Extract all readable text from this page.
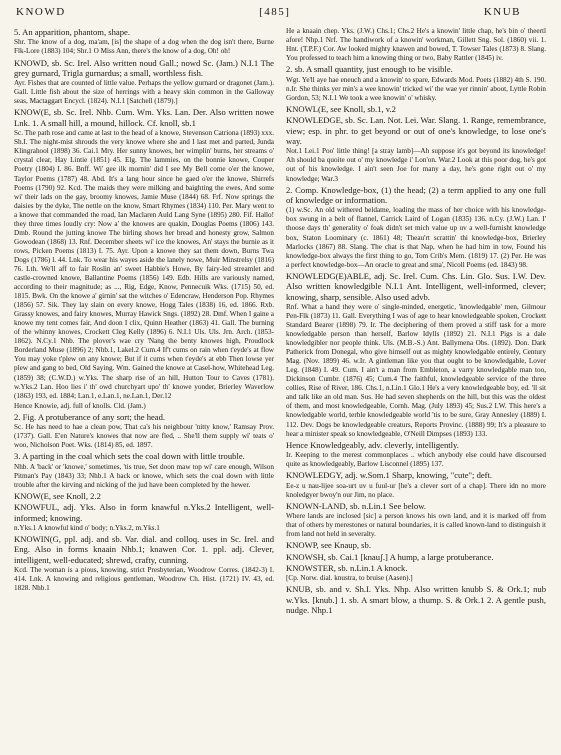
KNOWD	[485]	KNUB

5. An apparition, phantom, shape.

Shr. The know of a dog, ma'am, [is] the shape of a dog when the dog isn't there, Burne Flk-Lore (1883) 104; Shr.1 O Miss Ann, there's the know of a dog, Oh! oh!

KNOWD, sb. Sc. Irel. Also written noud Gall.; nowd Sc. (Jam.) N.I.1 The grey gurnard, Trigla gurnardus; a small, worthless fish.

Ayr. Fishes that are counted of little value. Perhaps the yellow gurnard or dragonet (Jam.). Gall. Little fish about the size of herrings with a heavy skin common in the Galloway seas, Mactaggart Encycl. (1824). N.I.1 [Satchell (1879).]

KNOW(E, sb. Sc. Irel. Nhb. Cum. Wm. Yks. Lan. Der. Also written nowe Lnk. 1. A small hill, a mound, hillock. Cf. knoll, sb.1

Sc. The path rose and came at last to the head of a knowe, Stevenson Catriona (1893) xxx. Sh.I. The night-mist shrouds the very knowe where she and I last met and parted, Junda Klingrahool (1898) 36. Cai.1 Mry. Her sunny knowes, her wimplin' burns, her streams o' crystal clear, Hay Lintie (1851) 45. Elg. The lammies, on the bonnie knowe, Couper Poetry (1804) I. 86. Bnff. Wi' gee ilk mornin' did I see My Bell come o'er the knowe, Taylor Poems (1787) 48. Abd. It's a lang hour since he gaed o'er the knowe, Shirrefs Poems (1790) 92. Kcd. The maids they were milking and baighting the ewes, And some wi' their lads on the gay, broomy knowes, Jamie Muse (1844) 68. Frf. Now springs the daisies by the dyke, The nettle on the know, Smart Rhymes (1834) 110. Per. Mary went to a knowe that commanded the road, Ian Maclaren Auld Lang Syne (1895) 280. Fif. Hallo! they three times loudly cry: Now a' the knowes are quakin, Douglas Poems (1806) 143. Dmb. Round the jutting knowe The birling shows her bread and honesty grow, Salmon Gowodean (1868) 13. Rnf. December sheets wi' ice the knowes, An' stays the burnie as it rows, Picken Poems (1813) I. 75. Ayr. Upon a knowe they sat them down, Burns Twa Dogs (1786) l. 44. Lnk. To wear his wayes aside the lanely nowe, Muir Minstrelsy (1816) 76. Lth. We'll aff to fair Roslin an' sweet Habbie's Howe, By fairy-led streamlet and castle-crowned knowe, Ballantine Poems (1856) 149. Edb. Hills are variously named, according to their magnitude; as ..., Rig, Edge, Know, Pennecuik Wks. (1715) 50, ed. 1815. Bwk. On the knowe a' girnin' sat the witches o' Edencraw, Henderson Pop. Rhymes (1856) 57. Sik. They lay slain on every knowe, Hogg Tales (1838) 16, ed. 1866. Rxb. Grassy knowes, and fairy knowes, Murray Hawick Sngs. (1892) 28. Dmf. When I gaine a knowe my tent comes fair, And doon I clix, Quinn Heather (1863) 41. Gall. The burning of the whinny knowes, Crockett Cleg Kelly (1896) 6. N.I.1 Uls. Uls. Jrn. Arch. (1853-1862). N.Cy.1 Nhb. The plover's wae cry 'Nang the benty knowes high, Proudlock Borderland Muse (1896) 2; Nhb.1, Lakel.2 Cum.4 If't cums on rain when t'eyde's at flow You may yoke t'plew on any knowe; But if it cums when t'eyde's at ebb Then lowse yer plew and gang to bed, Old Saying. Wm. Gained the knowe at Casel-how, Whitehead Leg. (1859) 38; (C.W.D.) w.Yks. The sharp rise of an hill, Hutton Tour to Caves (1781). w.Yks.2 Lan. Hoo lies i' th' owd churchyart upo' th' knowe yonder, Brierley Waverlow (1863) 193, ed. 1884; Lan.1, e.Lan.1, ne.Lan.1, Der.12

Hence Knowie, adj. full of knolls. Cld. (Jam.)

2. Fig. A protuberance of any sort; the head.

Sc. He has need to hae a clean pow, That ca's his neighbour 'nitty know,' Ramsay Prov. (1737). Gall. E'en Nature's knowes that now are fled, .. She'll them supply wi' teats o' woo, Nicholson Poet. Wks. (1814) 85, ed. 1897.

3. A parting in the coal which sets the coal down with little trouble.

Nhb. A 'back' or 'knowe,' sometimes, 'tis true, Set doon maw top wi' care enough, Wilson Pitman's Pay (1843) 33; Nhb.1 A back or knowe, which sets the coal down with little trouble after the kirving and nicking of the jud have been completed by the hewer.

KNOW(E, see Knoll, 2.2

KNOWFUL, adj. Yks. Also in form knawful n.Yks.2 Intelligent, well-informed; knowing.

n.Yks.1 A knowful kind o' body; n.Yks.2, m.Yks.1

KNOWIN(G, ppl. adj. and sb. Var. dial. and colloq. uses in Sc. Irel. and Eng. Also in forms knaain Nhb.1; knawen Cor. 1. ppl. adj. Clever, intelligent, well-educated; shrewd, crafty, cunning.

Kcd. The woman is a pious, knowing, strict Presbyterian, Woodrow Corres. (1842-3) I. 414. Lnk. A knowing and religious gentleman, Woodrow Ch. Hist. (1721) IV. 43, ed. 1828. Nhb.1

He a knaain chep. Yks. (J.W.) Chs.1; Chs.2 He's a knowin' little chap, he's bin o' theertl afore! Nhp.1 Nrf. The handiwork of a knowin' workman, Gillett Sng. Sol. (1860) vii. 1. Hnt. (T.P.F.) Cor. Aw looked mighty knawen and bowed, T. Towser Tales (1873) 8. Slang. You professed to teach him a knowing thing or two, Baby Rattler (1845) iv.

2. sb. A small quantity, just enough to be visible.

Wgt. Ye'll aye hae eneuch and a knowin' to spare, Edwards Mod. Poets (1882) 4th S. 190. n.Ir. She thinks yer min's a wee knowin' tricked wi' the wae yer rinnin' aboot, Lyttle Robin Gordon, 53; N.I.1 We took a wee knowin' o' whisky.

KNOWL(E, see Knoll, sb.1, v.2

KNOWLEDGE, sb. Sc. Lan. Not. Lei. War. Slang. 1. Range, remembrance, view; esp. in phr. to get beyond or out of one's knowledge, to lose one's way.

Not.1 Lei.1 Poo' little thing! [a stray lamb]—Ah suppose it's got beyond its knowledge! Ah should ba quoite out o' my knowledge i' Lon'on. War.2 Look at this poor dog, he's got out of his knowledge. I ain't seen Joe for many a day, he's gone right out o' my knowledge; War.3

2. Comp. Knowledge-box, (1) the head; (2) a term applied to any one full of knowledge or information.

(1) w.Sc. An old withered beldame, loading the mass of her choice with his knowledge-box swung in a belt of flannel, Carrick Laird of Logan (1835) 136. n.Cy. (J.W.) Lan. I' thoose days th' generality o' foak didn't set mich value up uv a well-furnisht knowledge box, Staton Loominary (c. 1861) 48; Theau'rt scrattin' thi knowledge-box, Brierley Marlocks (1867) 88. Slang. The chat is that Nap, when he had him in tow, Found his knowledge-box always the first thing to go, Tom Crib's Mem. (1819) 17. (2) Per. He was a perfect knowledge-box—An oracle to great and sma', Nicoll Poems (ed. 1843) 98.

KNOWLEDG(E)ABLE, adj. Sc. Irel. Cum. Chs. Lin. Glo. Sus. I.W. Dev. Also written knowledgible N.I.1 Ant. Intelligent, well-informed, clever; knowing, sharp, sensible. Also used advb.

Rnf. What a hand they were o' single-minded, energetic, 'knowledgable' men, Gilmour Pen-Flk (1873) 11. Gall. Everything I was of age to hear knowledgeable spoken, Crockett Standard Bearer (1898) 79. Ir. The deciphering of them proved a stiff task for a more knowledgable person than herself, Barlow Idylls (1892) 21. N.I.1 Pigs is a dale knowledgibler nor people think. Uls. (M.B.-S.) Ant. Ballymena Obs. (1892). Don. Dark Patherick from Donegal, who give himself out as mighty knowledgable entirely, Century Mag. (Nov. 1899) 46. w.Ir. A gintleman like you that ought to be knowledgable, Lover Leg. (1848) I. 49. Cum. I ain't a man from Embleton, a varry knowledgable man too, Dickinson Cumbr. (1876) 45; Cum.4 The faithful, knowledgeable service of the three collies, Rise of River, 186. Chs.1, n.Lin.1 Glo.1 He's a very knowledgeable boy, ed. 'll sit and talk like an old man. Sus. He had seven shepherds on the hill, but this was the oldest of them, and most knowledgeable, Cornh. Mag. (July 1893) 45; Sus.2 I.W. This here's a knowledgable world, terble knowledgeable world 'tis to be sure, Gray Annesley (1889) I. 112. Dev. Dogs be knowledgeable creaturs, Reports Provinc. (1888) 99; It's a pleasure to hear a minister speak so knowledgeable, O'Neill Dimpses (1893) 133.

Hence Knowledgeably, adv. cleverly, intelligently.

Ir. Keeping to the merest commonplaces .. which anybody else could have discoursed quite as knowledgeably, Barlow Lisconnel (1895) 137.

KNOWLEDGY, adj. w.Som.1 Sharp, knowing, "cute"; deft.

Ee-z u nau-lijee soa-urt uv u fuul-ur [he's a clever sort of a chap]. There idn no more knoledgyer bwoy'n our Jim, no place.

KNOWN-LAND, sb. n.Lin.1 See below.

Where lands are inclosed [sic] a person knows his own land, and it is marked off from that of others by merestones or natural boundaries, it is called known-land to distinguish it from land not held in severalty.

KNOWP, see Knaup, sb.

KNOWSH, sb. Cai.1 [knauʃ.] A hump, a large protuberance.

KNOWSTER, sb. n.Lin.1 A knock.

[Cp. Norw. dial. knustra, to bruise (Aasen).]

KNUB, sb. and v. Sh.I. Yks. Nhp. Also written knubb S. & Ork.1; nub w.Yks. [knub.] 1. sb. A smart blow, a thump. S. & Ork.1 2. A gentle push, nudge. Nhp.1
